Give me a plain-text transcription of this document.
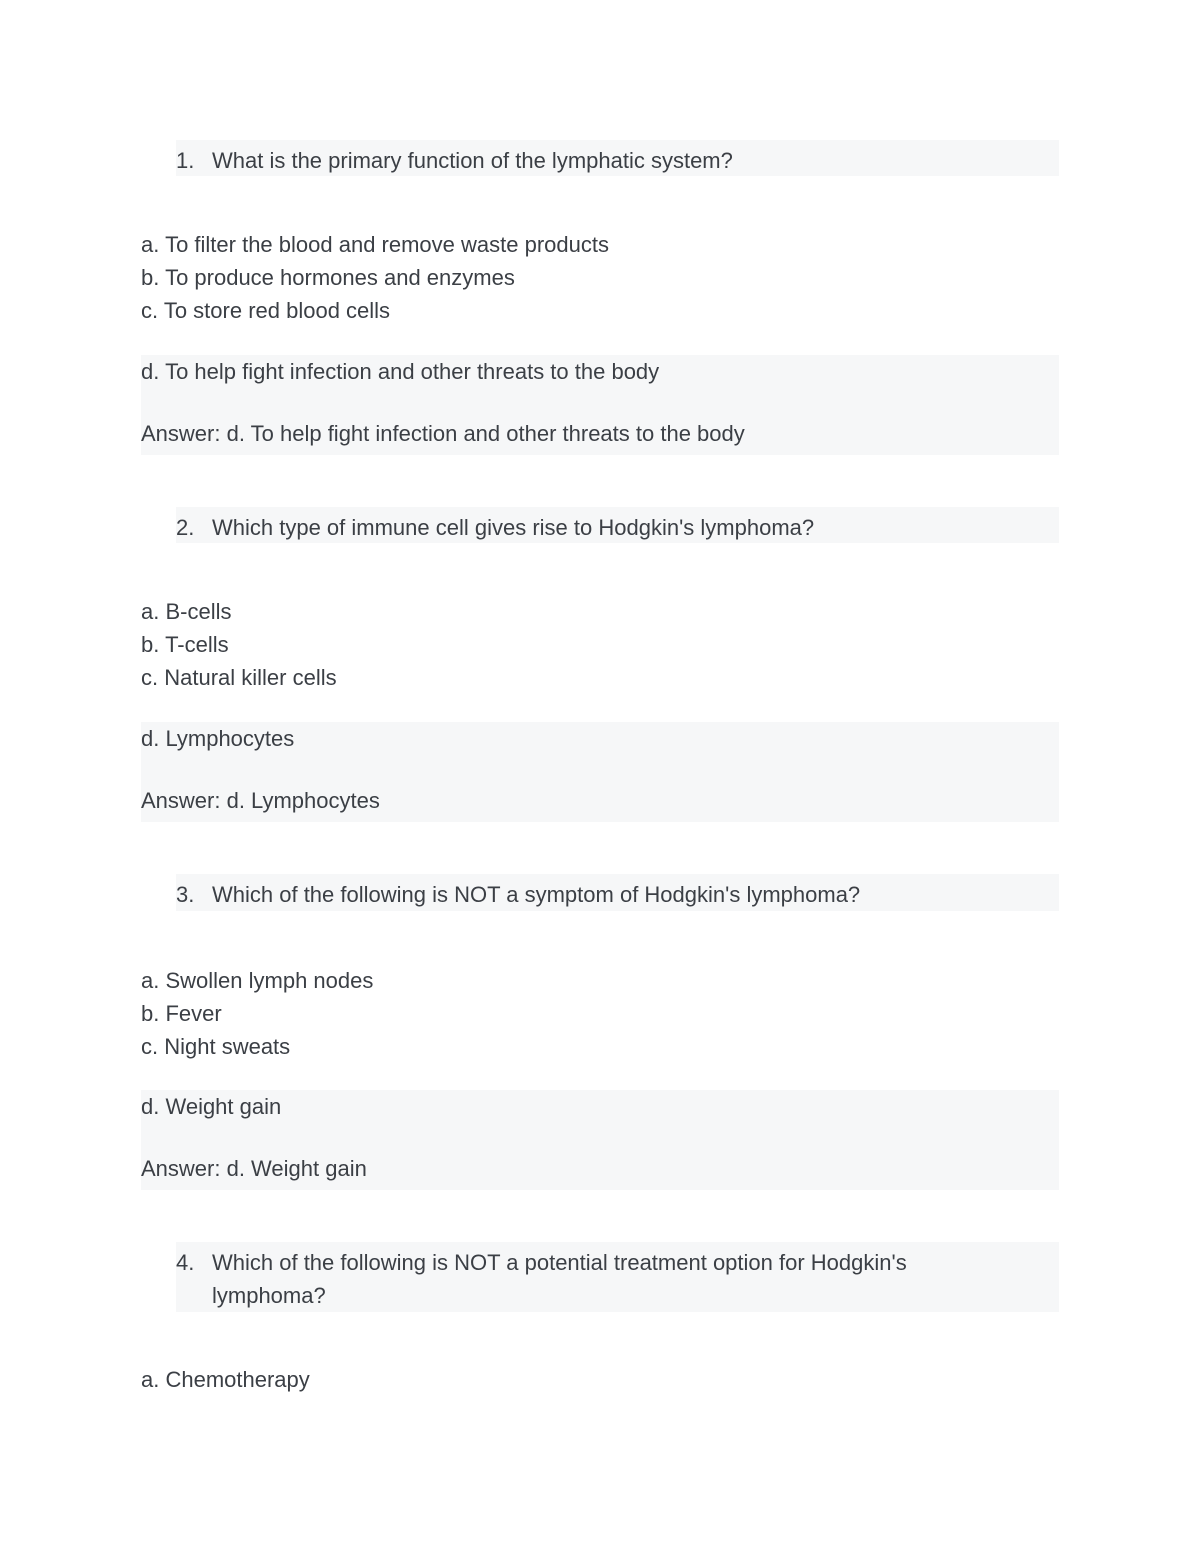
1. What is the primary function of the lymphatic system?
a. To filter the blood and remove waste products
b. To produce hormones and enzymes
c. To store red blood cells
d. To help fight infection and other threats to the body
Answer: d. To help fight infection and other threats to the body
2. Which type of immune cell gives rise to Hodgkin's lymphoma?
a. B-cells
b. T-cells
c. Natural killer cells
d. Lymphocytes
Answer: d. Lymphocytes
3. Which of the following is NOT a symptom of Hodgkin's lymphoma?
a. Swollen lymph nodes
b. Fever
c. Night sweats
d. Weight gain
Answer: d. Weight gain
4. Which of the following is NOT a potential treatment option for Hodgkin's lymphoma?
a. Chemotherapy
